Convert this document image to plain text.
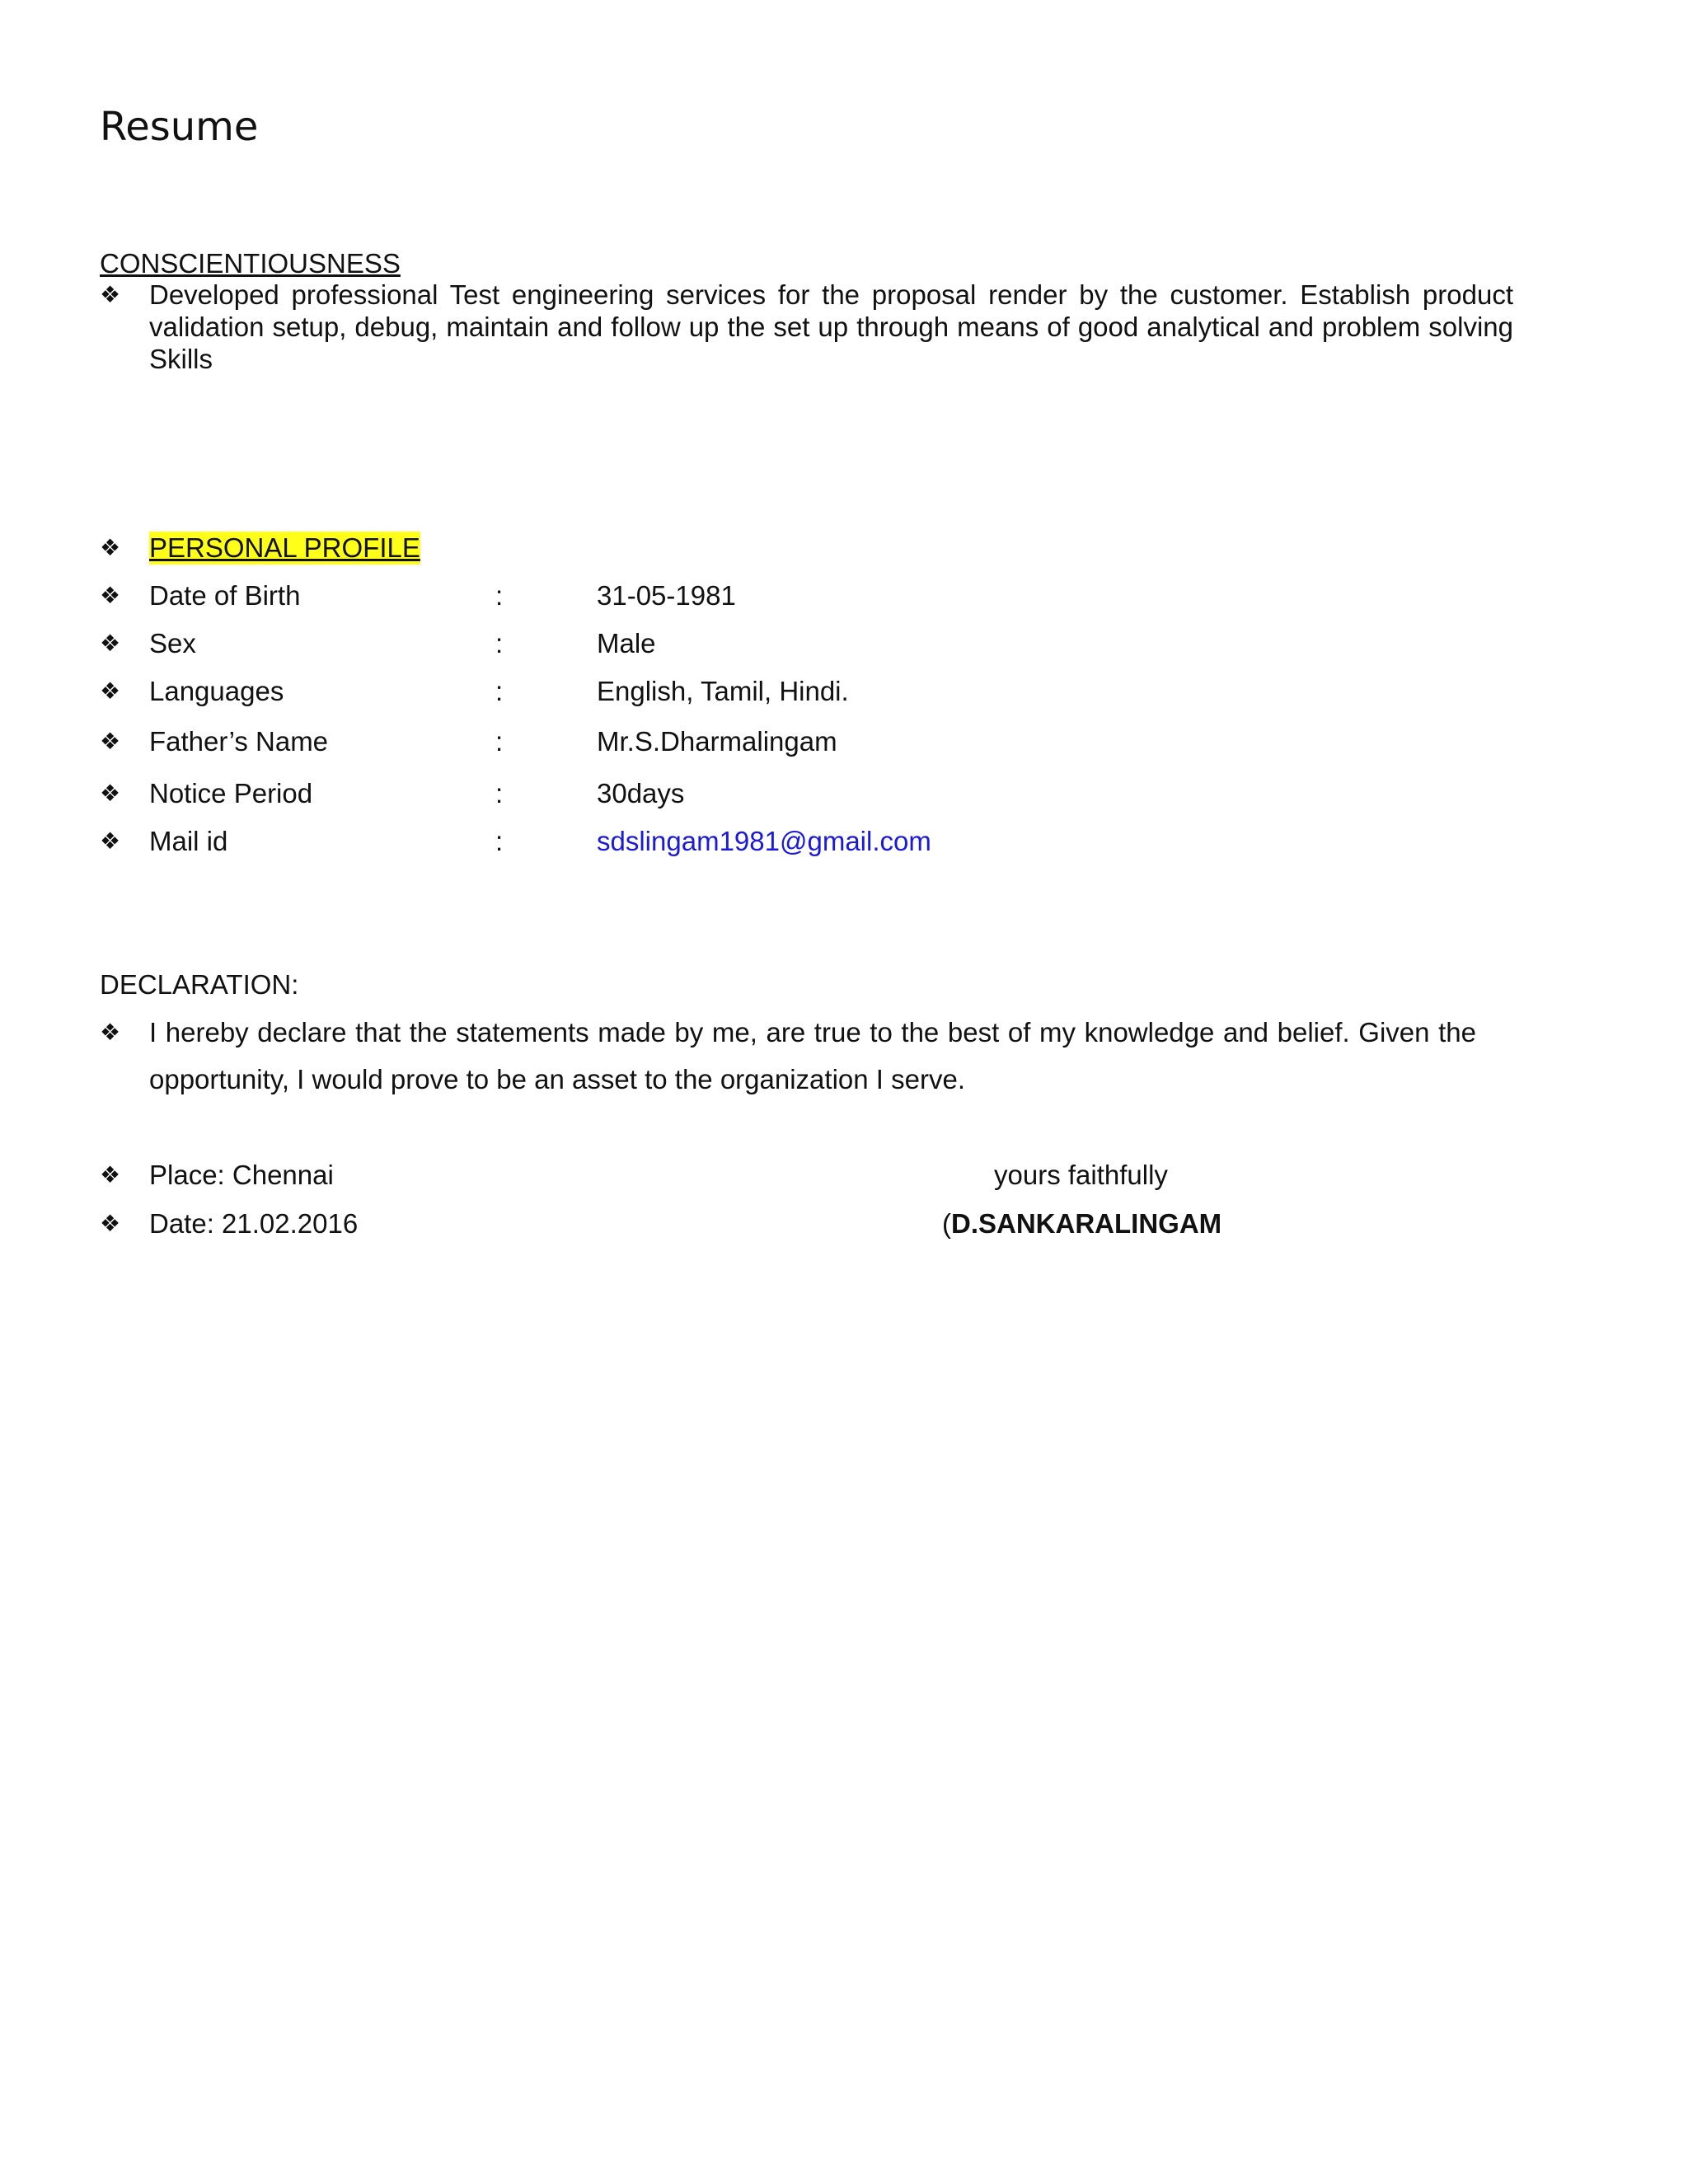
Resume
CONSCIENTIOUSNESS
❖ Developed professional Test engineering services for the proposal render by the customer. Establish product validation setup, debug, maintain and follow up the set up through means of good analytical and problem solving Skills
❖ PERSONAL PROFILE
❖ Date of Birth	:	31-05-1981
❖ Sex	:	Male
❖ Languages	:	English, Tamil, Hindi.
❖ Father’s Name	:	Mr.S.Dharmalingam
❖ Notice Period	:	30days
❖ Mail id	:	sdslingam1981@gmail.com
DECLARATION:
❖ I hereby declare that the statements made by me, are true to the best of my knowledge and belief. Given the
opportunity, I would prove to be an asset to the organization I serve.
❖ Place: Chennai	yours faithfully
❖ Date: 21.02.2016	(D.SANKARALINGAM
